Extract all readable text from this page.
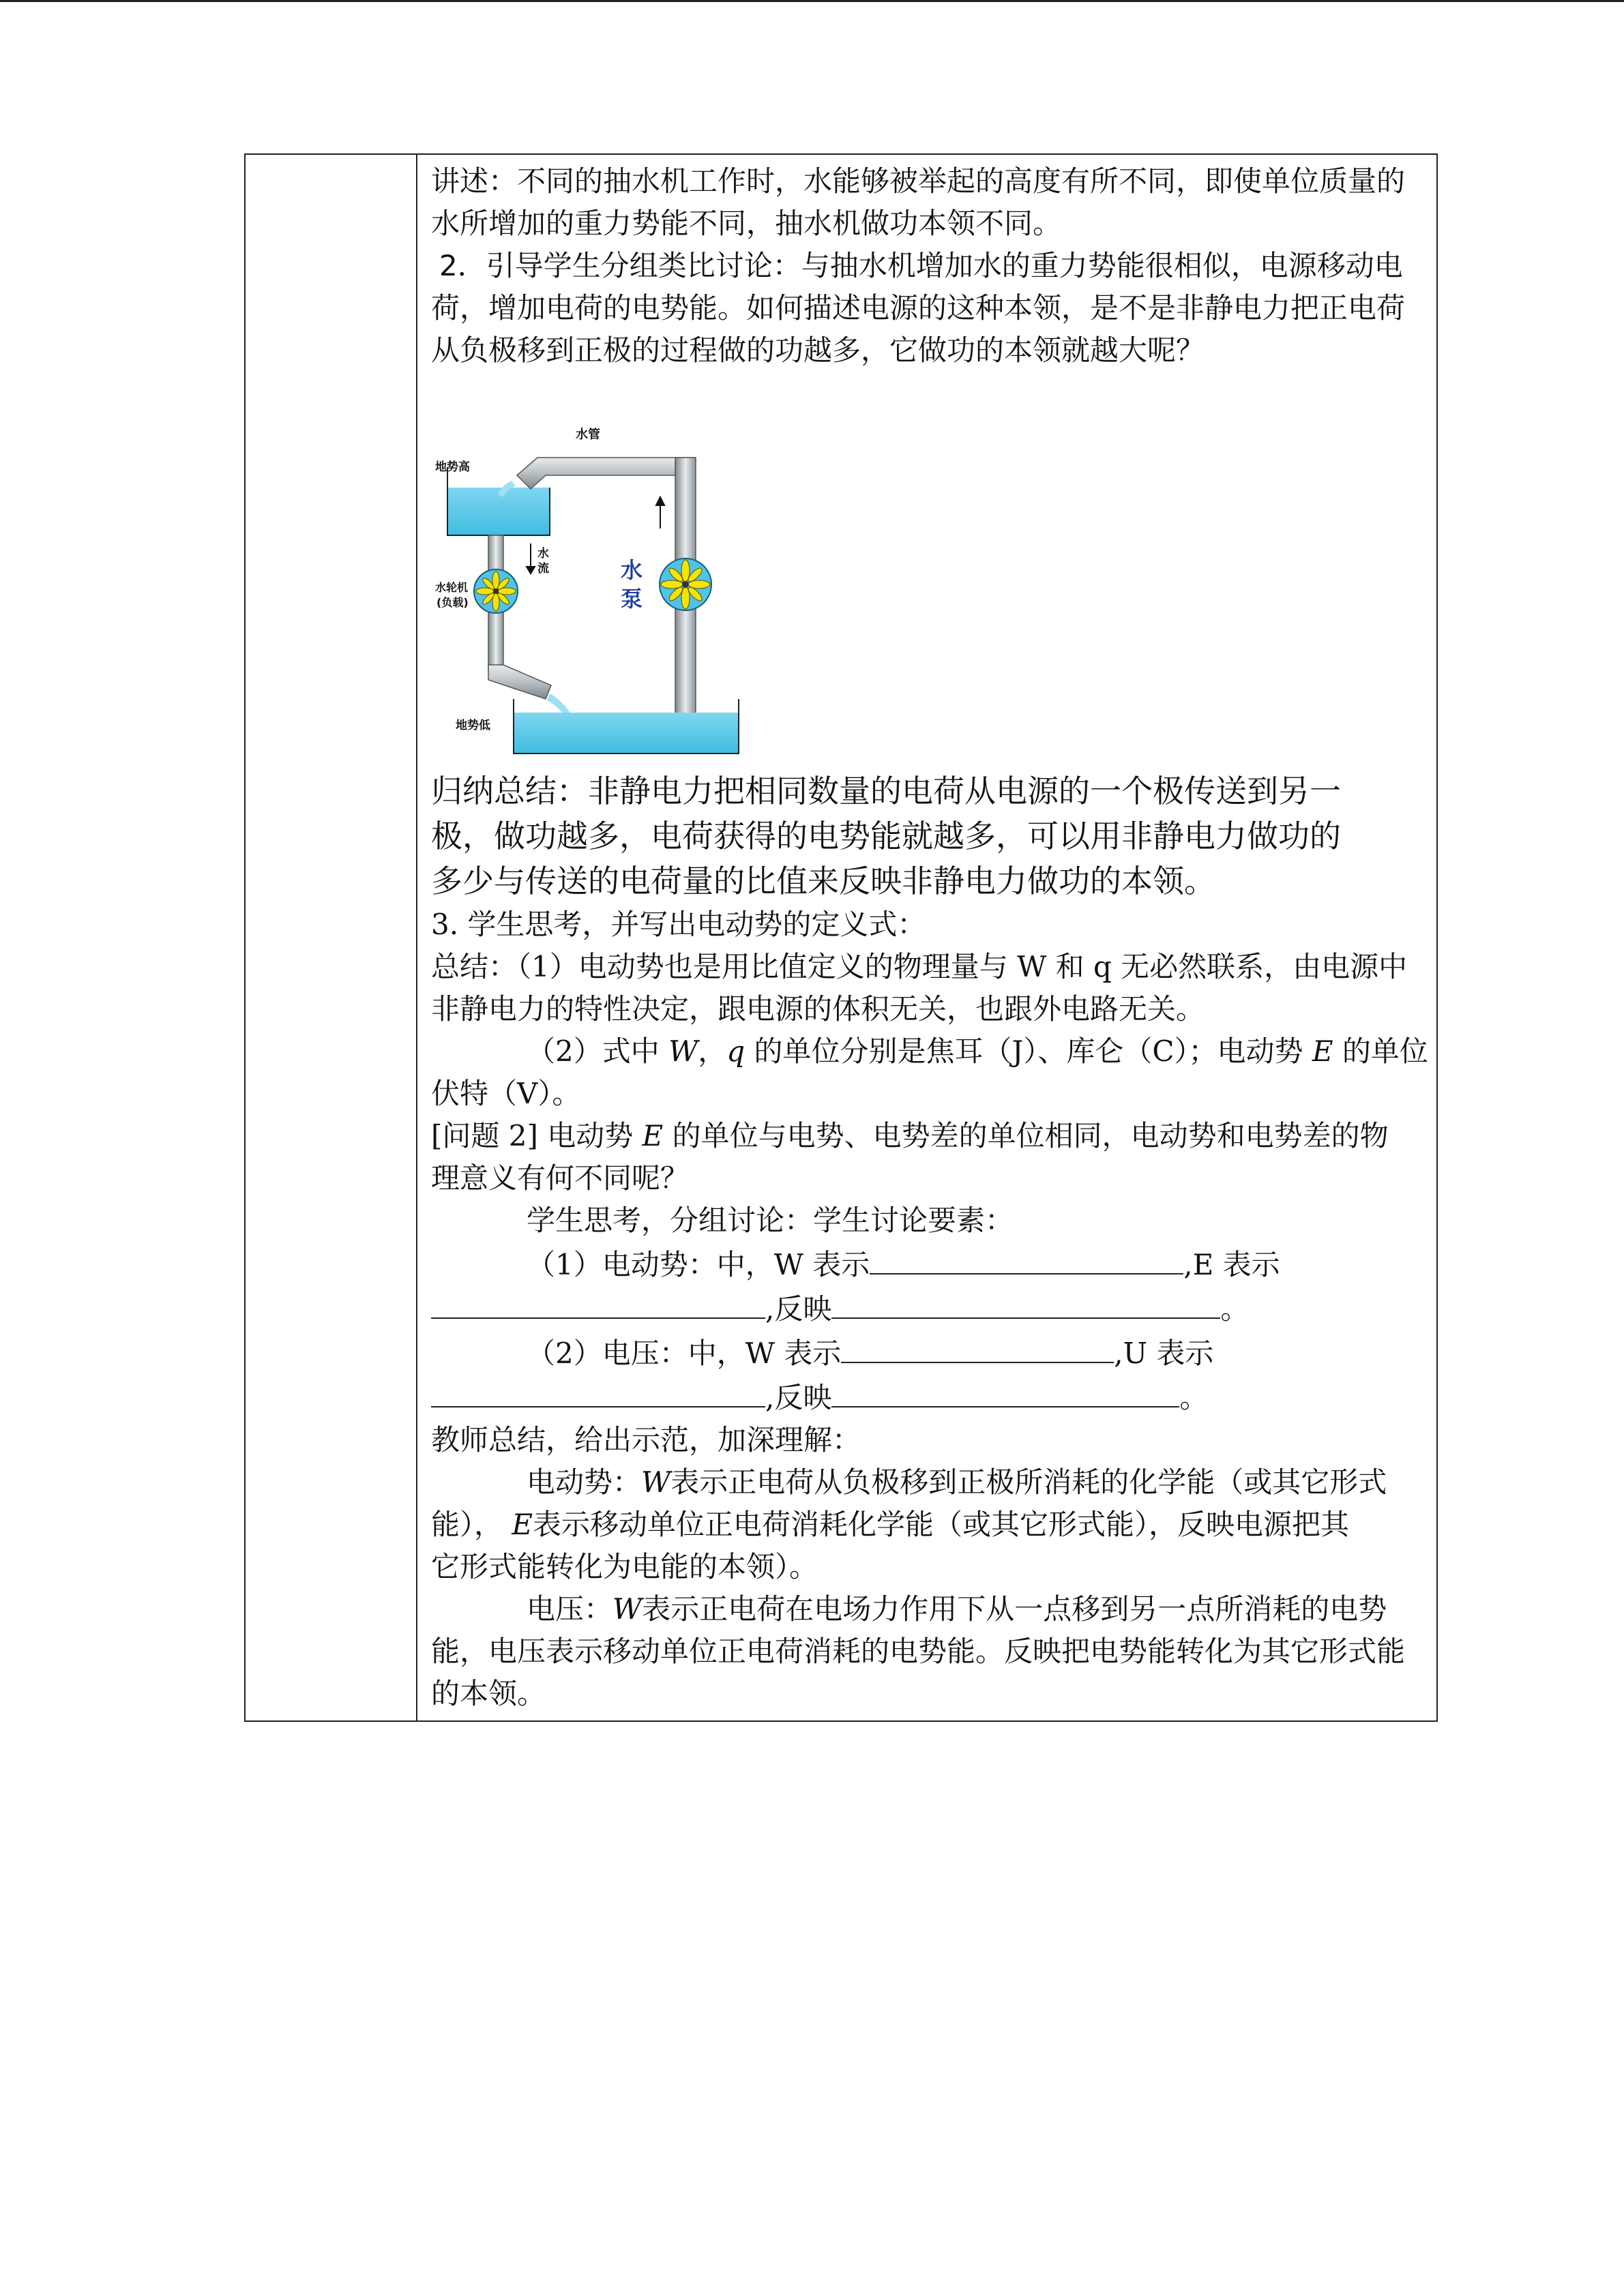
讲述：不同的抽水机工作时，水能够被举起的高度有所不同，即使单位质量的

水所增加的重力势能不同，抽水机做功本领不同。

2．引导学生分组类比讨论：与抽水机增加水的重力势能很相似，电源移动电

荷，增加电荷的电势能。如何描述电源的这种本领，是不是非静电力把正电荷

从负极移到正极的过程做的功越多，它做功的本领就越大呢？

水管
地势高
水
流
水轮机
(负载)
水
泵
地势低

归纳总结：非静电力把相同数量的电荷从电源的一个极传送到另一

极，做功越多，电荷获得的电势能就越多，可以用非静电力做功的

多少与传送的电荷量的比值来反映非静电力做功的本领。

3. 学生思考，并写出电动势的定义式：

总结：（1）电动势也是用比值定义的物理量与 W 和 q 无必然联系，由电源中

非静电力的特性决定，跟电源的体积无关，也跟外电路无关。

（2）式中 W，q 的单位分别是焦耳（J）、库仑（C）；电动势 E 的单位

伏特（V）。

[问题 2] 电动势 E 的单位与电势、电势差的单位相同，电动势和电势差的物

理意义有何不同呢？

学生思考，分组讨论：学生讨论要素：

（1）电动势：中，W 表示	,E 表示

,反映	。

（2）电压：中，W 表示	,U 表示

,反映	。

教师总结，给出示范，加深理解：

电动势：W表示正电荷从负极移到正极所消耗的化学能（或其它形式

能）， E表示移动单位正电荷消耗化学能（或其它形式能），反映电源把其

它形式能转化为电能的本领）。

电压：W表示正电荷在电场力作用下从一点移到另一点所消耗的电势

能，电压表示移动单位正电荷消耗的电势能。反映把电势能转化为其它形式能

的本领。
